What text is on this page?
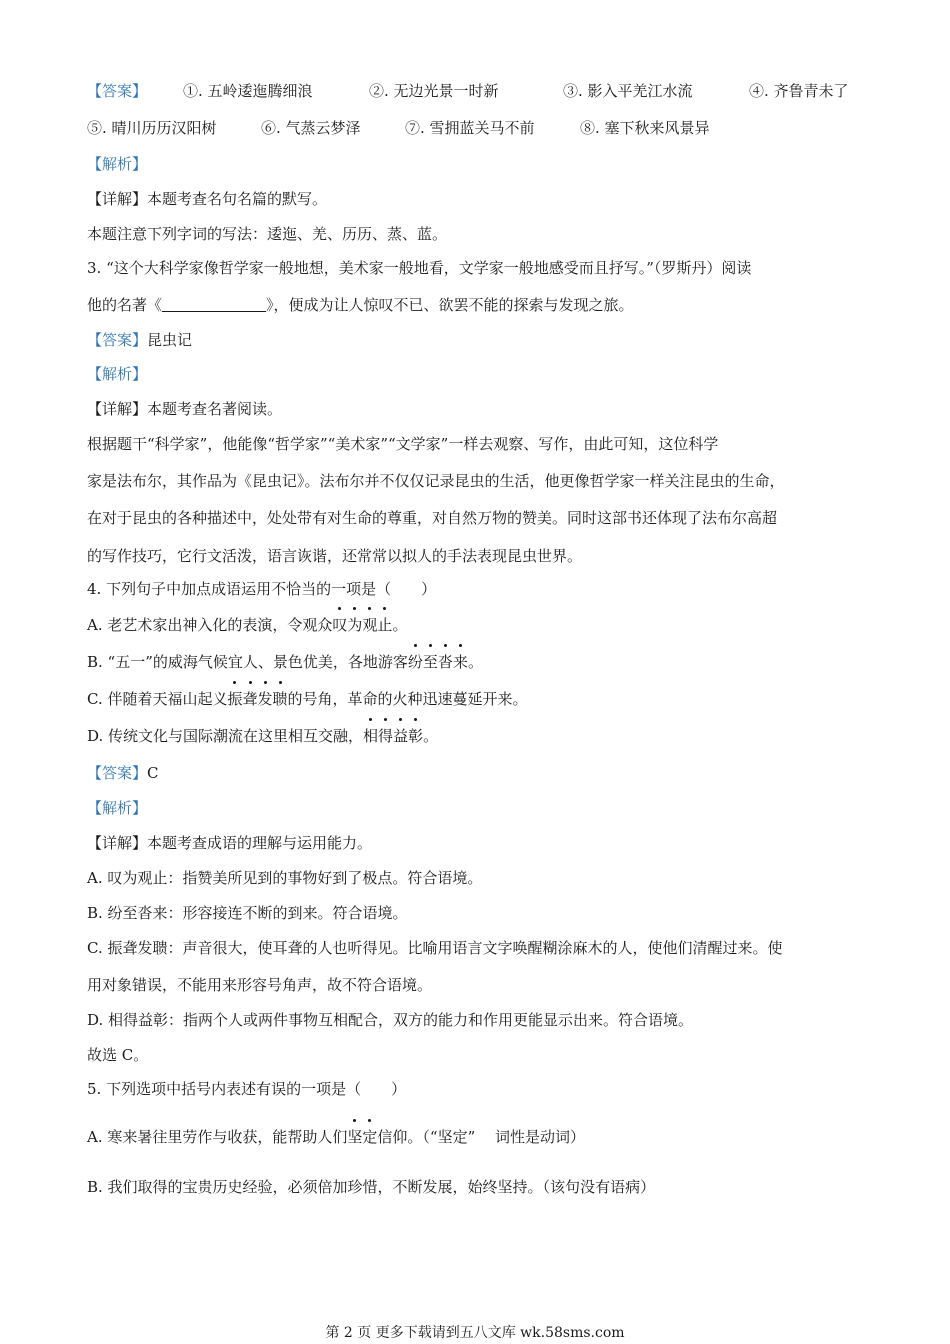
【答案】 ①. 五岭逶迤腾细浪	②. 无边光景一时新	③. 影入平羌江水流	④. 齐鲁青未了
⑤. 晴川历历汉阳树	⑥. 气蒸云梦泽	⑦. 雪拥蓝关马不前	⑧. 塞下秋来风景异
【解析】
【详解】本题考查名句名篇的默写。
本题注意下列字词的写法：逶迤、羌、历历、蒸、蓝。
3. “这个大科学家像哲学家一般地想，美术家一般地看，文学家一般地感受而且抒写。”（罗斯丹）阅读
他的名著《	》，便成为让人惊叹不已、欲罢不能的探索与发现之旅。
【答案】昆虫记
【解析】
【详解】本题考查名著阅读。
根据题干“科学家”，他能像“哲学家”“美术家”“文学家”一样去观察、写作，由此可知，这位科学
家是法布尔，其作品为《昆虫记》。法布尔并不仅仅记录昆虫的生活，他更像哲学家一样关注昆虫的生命，
在对于昆虫的各种描述中，处处带有对生命的尊重，对自然万物的赞美。同时这部书还体现了法布尔高超
的写作技巧，它行文活泼，语言诙谐，还常常以拟人的手法表现昆虫世界。
4. 下列句子中加点成语运用不恰当的一项是（　　）
A. 老艺术家出神入化的表演，令观众叹为观止。
B. “五一”的威海气候宜人、景色优美，各地游客纷至沓来。
C. 伴随着天福山起义振聋发聩的号角，革命的火种迅速蔓延开来。
D. 传统文化与国际潮流在这里相互交融，相得益彰。
【答案】C
【解析】
【详解】本题考查成语的理解与运用能力。
A. 叹为观止：指赞美所见到的事物好到了极点。符合语境。
B. 纷至沓来：形容接连不断的到来。符合语境。
C. 振聋发聩：声音很大，使耳聋的人也听得见。比喻用语言文字唤醒糊涂麻木的人，使他们清醒过来。使
用对象错误，不能用来形容号角声，故不符合语境。
D. 相得益彰：指两个人或两件事物互相配合，双方的能力和作用更能显示出来。符合语境。
故选 C。
5. 下列选项中括号内表述有误的一项是（　　）
A. 寒来暑往里劳作与收获，能帮助人们坚定信仰。（“坚定”　 词性是动词）
B. 我们取得的宝贵历史经验，必须倍加珍惜，不断发展，始终坚持。（该句没有语病）
第 2 页 更多下载请到五八文库 wk.58sms.com
